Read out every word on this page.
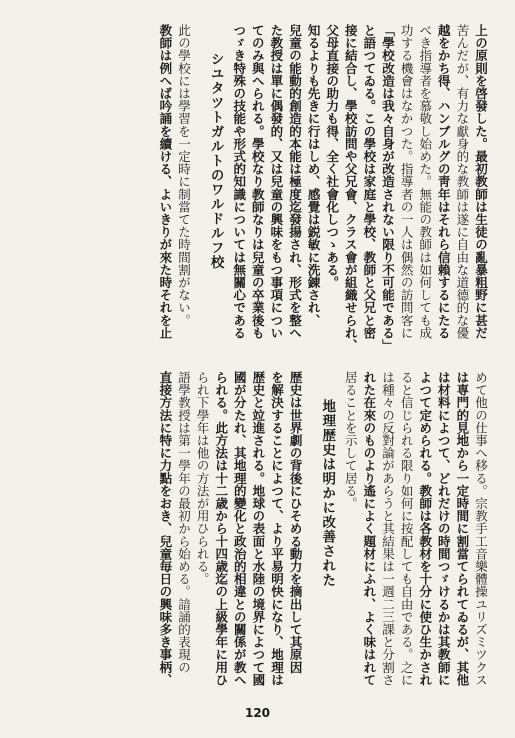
上の原則を啓發した。最初教師は生徒の亂暴粗野に甚だ
苦んだが、有力な獻身的な教師は遂に自由な道德的な優
越をかち得、ハンブルグの靑年はそれら信賴するにたる
べき指導者を慕敬し始めた。無能の教師は如何しても成
功する機會はなかつた。指導者の一人は偶然の訪問客に
「學校改造は我々自身が改造されない限り不可能である」
と語つてゐる。この學校は家庭と學校、教師と父兄と密
接に結合し、學校訪問や父兄會、クラス會が組織せられ、
父母直接の助力も得、全く社會化しつゝある。
知るよりも先きに行はしめ、感覺は鋭敏に洗錬され、
兒童の能動的創造的本能は極度迄發揚され、形式を整へ
た教授は單に偶發的、又は兒童の興味をもつ事項につい
てのみ與へられる。學校なり教師なりは兒童の卒業後も
つゞき特殊の技能や形式的知識については無關心である
シユタツトガルトのワルドルフ校
此の學校には學習を一定時に制當てた時間割がない。
教師は例へば吟誦を續ける、よいきりが來た時それを止
めて他の仕事へ移る。宗教手工音樂體操ユリズミツクス
は専門的見地から一定時間に割當てられてゐるが、其他
は材料によつて、どれだけの時間つゞけるかは其教師に
よつて定められる。教師は各教材を十分に使ひ生かされ
ると信じられる限り如何に按配しても自由である。之に
は種々の反對論があらうと其結果は一週二三課と分割さ
れた在來のものより遙によく題材にふれ、よく味はれて
居ることを示して居る。
地理歴史は明かに改善された
歴史は世界劇の背後にひそめる動力を摘出して其原因
を解決することによつて、より平易明快になり、地理は
歴史と竝進される。地球の表面と水陸の境界によつて國
國が分たれ、其地理的變化と政治的相違との關係が教へ
られる。此方法は十二歳から十四歳迄の上級學年に用ひ
られ下學年は他の方法が用ひられる。
語學教授は第一學年の最初から始める。諳誦的表現の
直接方法に特に力點をおき、兒童毎日の興味多き事柄、
120
